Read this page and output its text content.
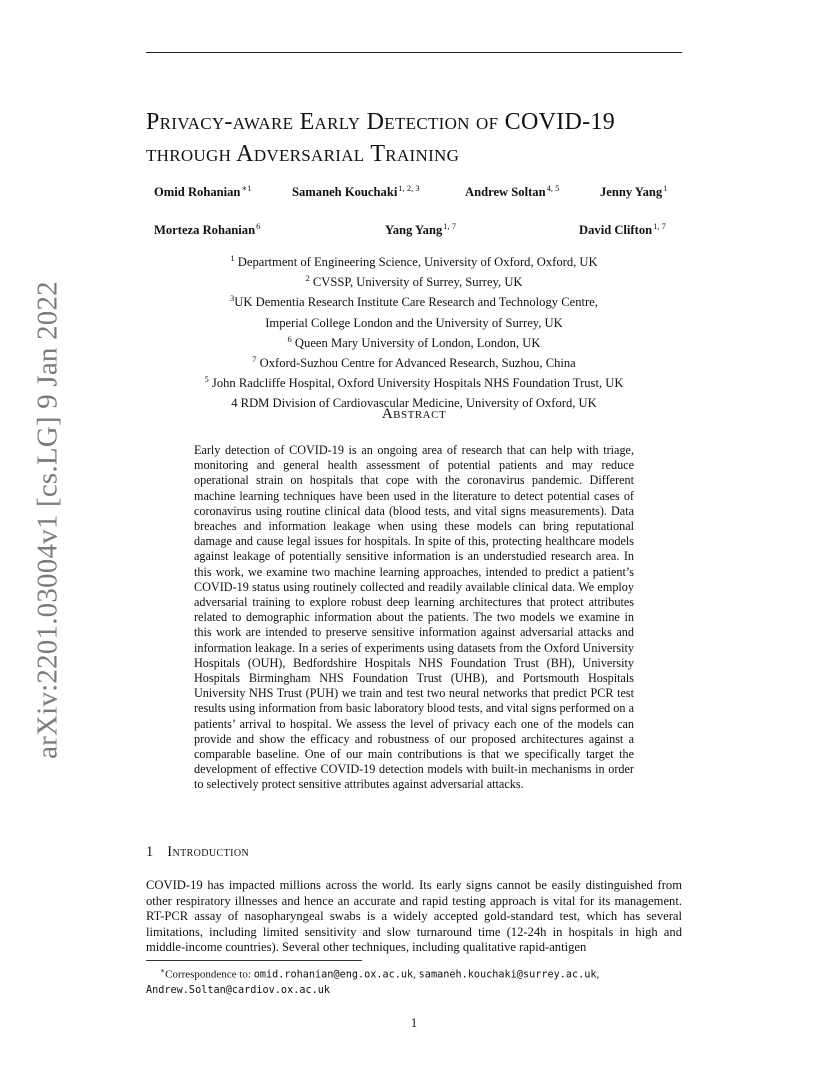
arXiv:2201.03004v1 [cs.LG] 9 Jan 2022
Privacy-aware Early Detection of COVID-19
through Adversarial Training
Omid Rohanian$^{∗1}$	Samaneh Kouchaki$^{1, 2, 3}$	Andrew Soltan$^{4, 5}$	Jenny Yang$^1$
Morteza Rohanian$^6$	Yang Yang$^{1, 7}$	David Clifton$^{1, 7}$
$^1$ Department of Engineering Science, University of Oxford, Oxford, UK
$^2$ CVSSP, University of Surrey, Surrey, UK
$^3$UK Dementia Research Institute Care Research and Technology Centre,
Imperial College London and the University of Surrey, UK
$^6$ Queen Mary University of London, London, UK
$^7$ Oxford-Suzhou Centre for Advanced Research, Suzhou, China
$^5$ John Radcliffe Hospital, Oxford University Hospitals NHS Foundation Trust, UK
4 RDM Division of Cardiovascular Medicine, University of Oxford, UK
Abstract
Early detection of COVID-19 is an ongoing area of research that can help with triage, monitoring and general health assessment of potential patients and may reduce operational strain on hospitals that cope with the coronavirus pandemic. Different machine learning techniques have been used in the literature to detect potential cases of coronavirus using routine clinical data (blood tests, and vital signs measurements). Data breaches and information leakage when using these models can bring reputational damage and cause legal issues for hospitals. In spite of this, protecting healthcare models against leakage of potentially sensitive information is an understudied research area. In this work, we examine two machine learning approaches, intended to predict a patient’s COVID-19 status using routinely collected and readily available clinical data. We employ adversarial training to explore robust deep learning architectures that protect attributes related to demographic information about the patients. The two models we examine in this work are intended to preserve sensitive information against adversarial attacks and information leakage. In a series of experiments using datasets from the Oxford University Hospitals (OUH), Bedfordshire Hospitals NHS Foundation Trust (BH), University Hospitals Birmingham NHS Foundation Trust (UHB), and Portsmouth Hospitals University NHS Trust (PUH) we train and test two neural networks that predict PCR test results using information from basic laboratory blood tests, and vital signs performed on a patients’ arrival to hospital. We assess the level of privacy each one of the models can provide and show the efficacy and robustness of our proposed architectures against a comparable baseline. One of our main contributions is that we specifically target the development of effective COVID-19 detection models with built-in mechanisms in order to selectively protect sensitive attributes against adversarial attacks.
1 Introduction
COVID-19 has impacted millions across the world. Its early signs cannot be easily distinguished from other respiratory illnesses and hence an accurate and rapid testing approach is vital for its management. RT-PCR assay of nasopharyngeal swabs is a widely accepted gold-standard test, which has several limitations, including limited sensitivity and slow turnaround time (12-24h in hospitals in high and middle-income countries). Several other techniques, including qualitative rapid-antigen
∗Correspondence to: omid.rohanian@eng.ox.ac.uk, samaneh.kouchaki@surrey.ac.uk,
Andrew.Soltan@cardiov.ox.ac.uk
1
